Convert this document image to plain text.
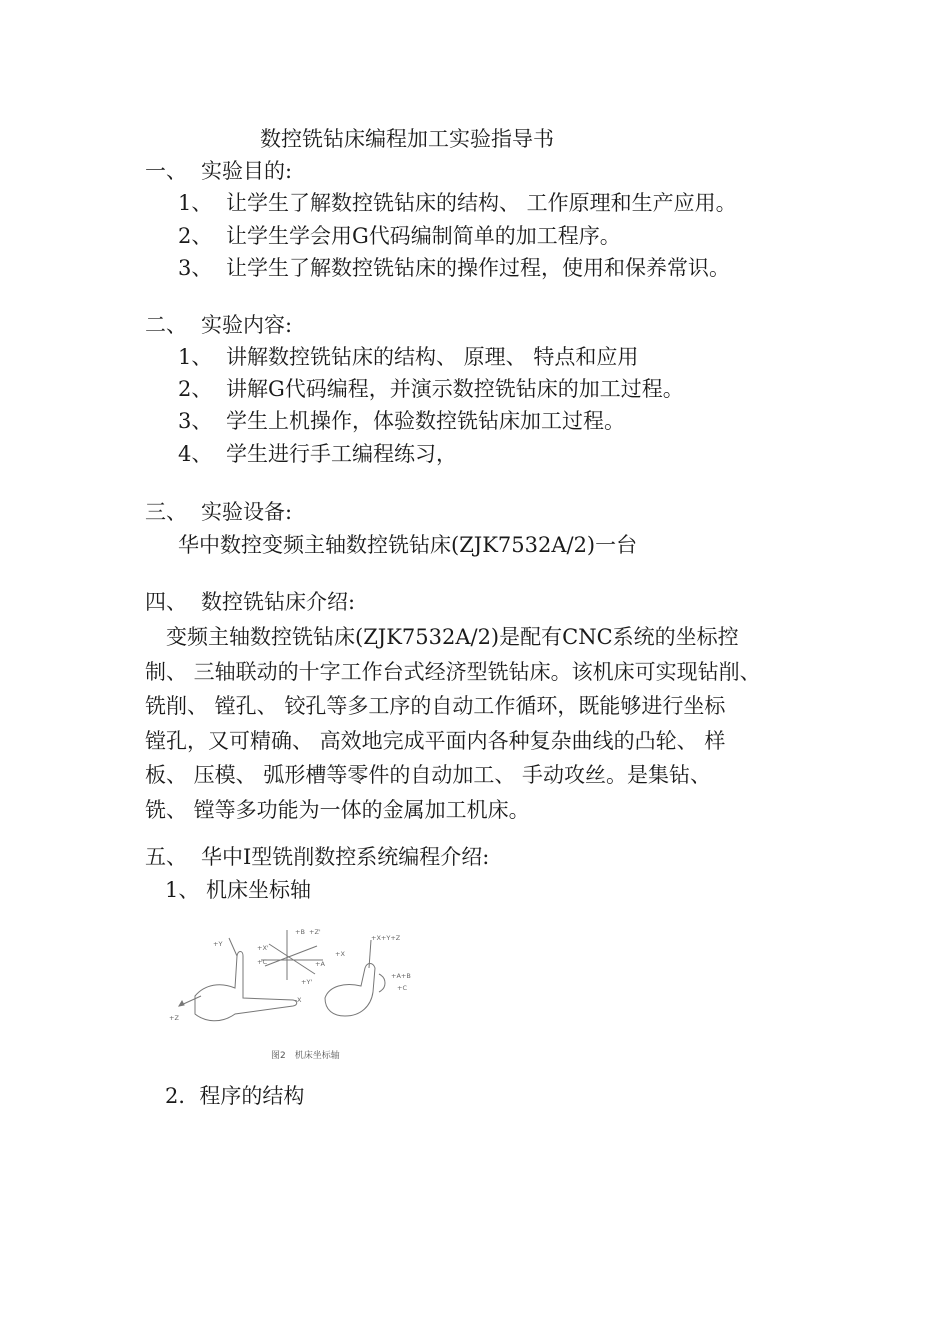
数控铣钻床编程加工实验指导书
一、 实验目的:
1、 让学生了解数控铣钻床的结构、 工作原理和生产应用。
2、 让学生学会用G代码编制简单的加工程序。
3、 让学生了解数控铣钻床的操作过程，使用和保养常识。
二、 实验内容:
1、 讲解数控铣钻床的结构、 原理、 特点和应用
2、 讲解G代码编程，并演示数控铣钻床的加工过程。
3、 学生上机操作，体验数控铣钻床加工过程。
4、 学生进行手工编程练习，
三、 实验设备:
华中数控变频主轴数控铣钻床(ZJK7532A/2)一台
四、 数控铣钻床介绍:
　变频主轴数控铣钻床(ZJK7532A/2)是配有CNC系统的坐标控
制、 三轴联动的十字工作台式经济型铣钻床。该机床可实现钻削、
铣削、 镗孔、 铰孔等多工序的自动工作循环，既能够进行坐标
镗孔，又可精确、 高效地完成平面内各种复杂曲线的凸轮、 样
板、 压模、 弧形槽等零件的自动加工、 手动攻丝。是集钻、
铣、 镗等多功能为一体的金属加工机床。
五、 华中Ⅰ型铣削数控系统编程介绍:
1、 机床坐标轴
+Y
+Z
+X
+B +Z'
+X'
+C
+Y'
+A
+X+Y+Z
+A+B
+C
-X
图2　机床坐标轴
2．程序的结构
